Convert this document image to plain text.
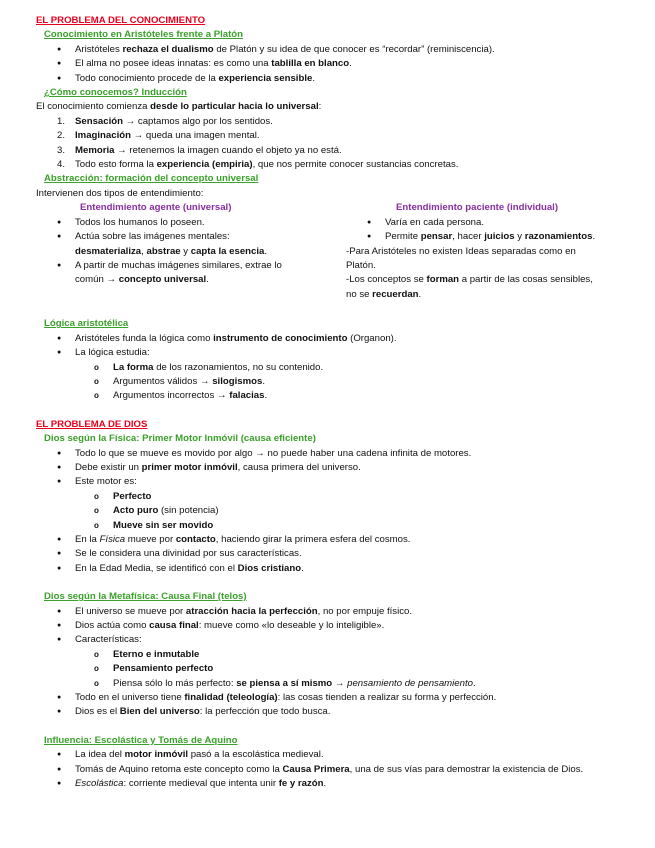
EL PROBLEMA DEL CONOCIMIENTO
Conocimiento en Aristóteles frente a Platón
● Aristóteles rechaza el dualismo de Platón y su idea de que conocer es “recordar” (reminiscencia).
● El alma no posee ideas innatas: es como una tablilla en blanco.
● Todo conocimiento procede de la experiencia sensible.
¿Cómo conocemos? Inducción
El conocimiento comienza desde lo particular hacia lo universal:
1. Sensación → captamos algo por los sentidos.
2. Imaginación → queda una imagen mental.
3. Memoria → retenemos la imagen cuando el objeto ya no está.
4. Todo esto forma la experiencia (empiria), que nos permite conocer sustancias concretas.
Abstracción: formación del concepto universal
Intervienen dos tipos de entendimiento:
Entendimiento agente (universal)
● Todos los humanos lo poseen.
● Actúa sobre las imágenes mentales:
desmaterializa, abstrae y capta la esencia.
● A partir de muchas imágenes similares, extrae lo
común → concepto universal.
Entendimiento paciente (individual)
● Varía en cada persona.
● Permite pensar, hacer juicios y razonamientos.
-Para Aristóteles no existen Ideas separadas como en
Platón.
-Los conceptos se forman a partir de las cosas sensibles,
no se recuerdan.
Lógica aristotélica
● Aristóteles funda la lógica como instrumento de conocimiento (Organon).
● La lógica estudia:
o La forma de los razonamientos, no su contenido.
o Argumentos válidos → silogismos.
o Argumentos incorrectos → falacias.
EL PROBLEMA DE DIOS
Dios según la Física: Primer Motor Inmóvil (causa eficiente)
● Todo lo que se mueve es movido por algo → no puede haber una cadena infinita de motores.
● Debe existir un primer motor inmóvil, causa primera del universo.
● Este motor es:
o Perfecto
o Acto puro (sin potencia)
o Mueve sin ser movido
● En la Física mueve por contacto, haciendo girar la primera esfera del cosmos.
● Se le considera una divinidad por sus características.
● En la Edad Media, se identificó con el Dios cristiano.
Dios según la Metafísica: Causa Final (telos)
● El universo se mueve por atracción hacia la perfección, no por empuje físico.
● Dios actúa como causa final: mueve como «lo deseable y lo inteligible».
● Características:
o Eterno e inmutable
o Pensamiento perfecto
o Piensa sólo lo más perfecto: se piensa a sí mismo → pensamiento de pensamiento.
● Todo en el universo tiene finalidad (teleología): las cosas tienden a realizar su forma y perfección.
● Dios es el Bien del universo: la perfección que todo busca.
Influencia: Escolástica y Tomás de Aquino
● La idea del motor inmóvil pasó a la escolástica medieval.
● Tomás de Aquino retoma este concepto como la Causa Primera, una de sus vías para demostrar la existencia de Dios.
● Escolástica: corriente medieval que intenta unir fe y razón.
